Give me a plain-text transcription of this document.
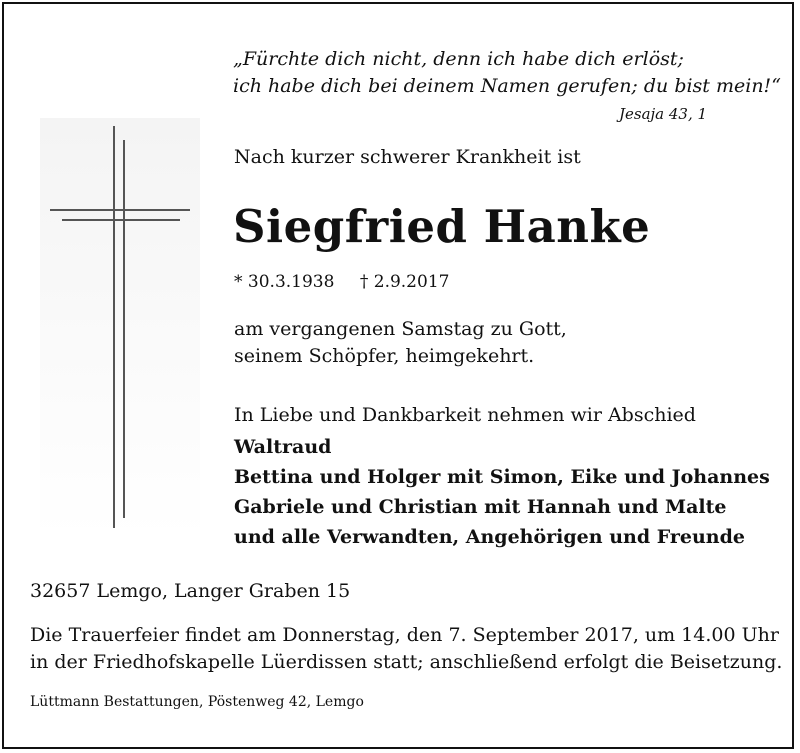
„Fürchte dich nicht, denn ich habe dich erlöst;
ich habe dich bei deinem Namen gerufen; du bist mein!“
Jesaja 43, 1
Nach kurzer schwerer Krankheit ist
Siegfried Hanke
* 30.3.1938 † 2.9.2017
am vergangenen Samstag zu Gott,
seinem Schöpfer, heimgekehrt.
In Liebe und Dankbarkeit nehmen wir Abschied
Waltraud
Bettina und Holger mit Simon, Eike und Johannes
Gabriele und Christian mit Hannah und Malte
und alle Verwandten, Angehörigen und Freunde
32657 Lemgo, Langer Graben 15
Die Trauerfeier findet am Donnerstag, den 7. September 2017, um 14.00 Uhr
in der Friedhofskapelle Lüerdissen statt; anschließend erfolgt die Beisetzung.
Lüttmann Bestattungen, Pöstenweg 42, Lemgo
